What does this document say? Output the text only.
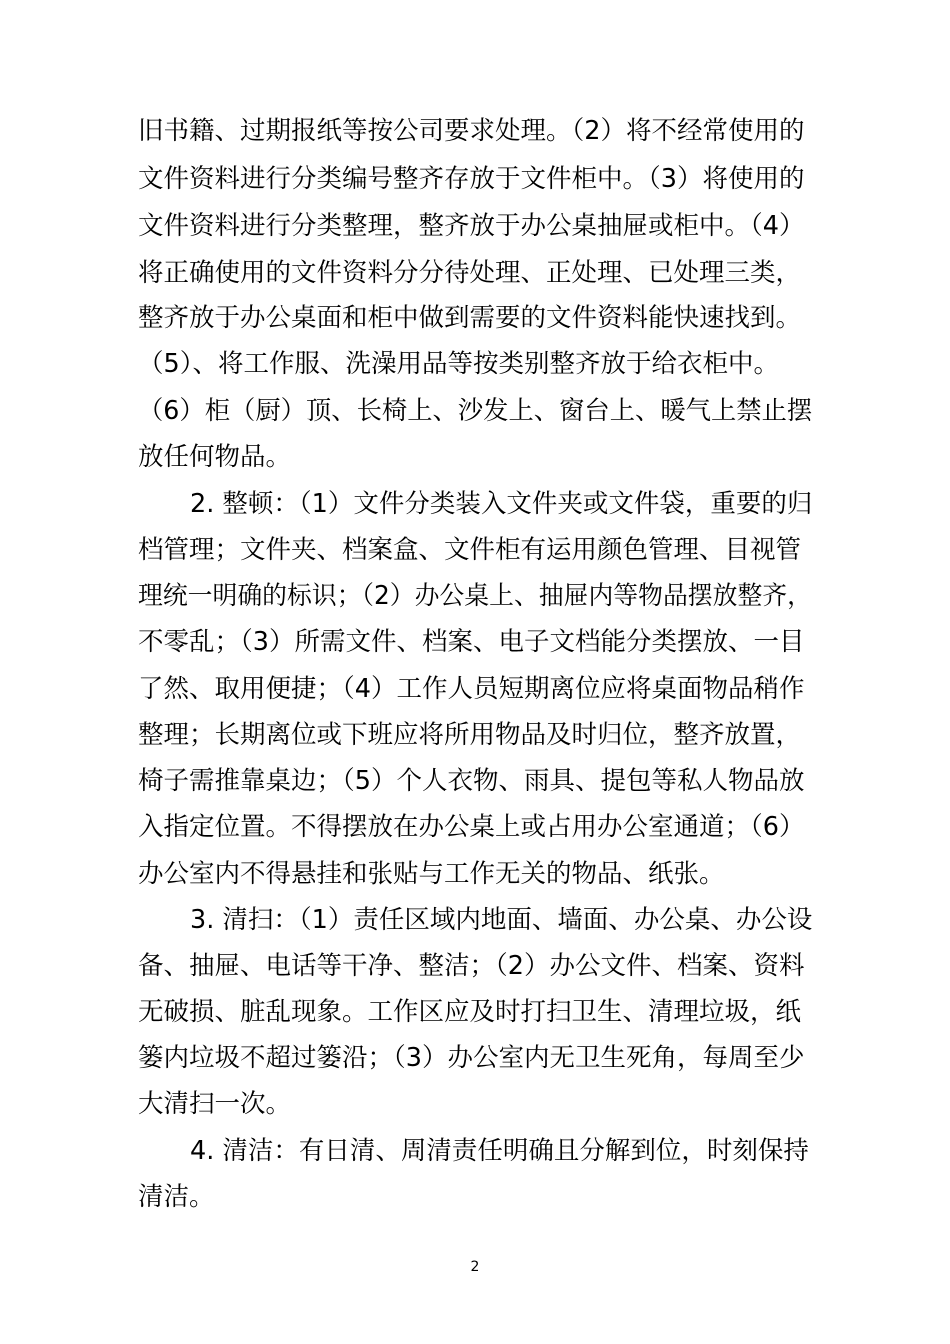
旧书籍、过期报纸等按公司要求处理。（2）将不经常使用的
文件资料进行分类编号整齐存放于文件柜中。（3）将使用的
文件资料进行分类整理，整齐放于办公桌抽屉或柜中。（4）
将正确使用的文件资料分分待处理、正处理、已处理三类，
整齐放于办公桌面和柜中做到需要的文件资料能快速找到。
（5）、将工作服、洗澡用品等按类别整齐放于给衣柜中。
（6）柜（厨）顶、长椅上、沙发上、窗台上、暖气上禁止摆
放任何物品。
2. 整顿：（1）文件分类装入文件夹或文件袋，重要的归
档管理；文件夹、档案盒、文件柜有运用颜色管理、目视管
理统一明确的标识；（2）办公桌上、抽屉内等物品摆放整齐，
不零乱；（3）所需文件、档案、电子文档能分类摆放、一目
了然、取用便捷；（4）工作人员短期离位应将桌面物品稍作
整理；长期离位或下班应将所用物品及时归位，整齐放置，
椅子需推靠桌边；（5）个人衣物、雨具、提包等私人物品放
入指定位置。不得摆放在办公桌上或占用办公室通道；（6）
办公室内不得悬挂和张贴与工作无关的物品、纸张。
3. 清扫：（1）责任区域内地面、墙面、办公桌、办公设
备、抽屉、电话等干净、整洁；（2）办公文件、档案、资料
无破损、脏乱现象。工作区应及时打扫卫生、清理垃圾，纸
篓内垃圾不超过篓沿；（3）办公室内无卫生死角，每周至少
大清扫一次。
4. 清洁：有日清、周清责任明确且分解到位，时刻保持
清洁。
2
